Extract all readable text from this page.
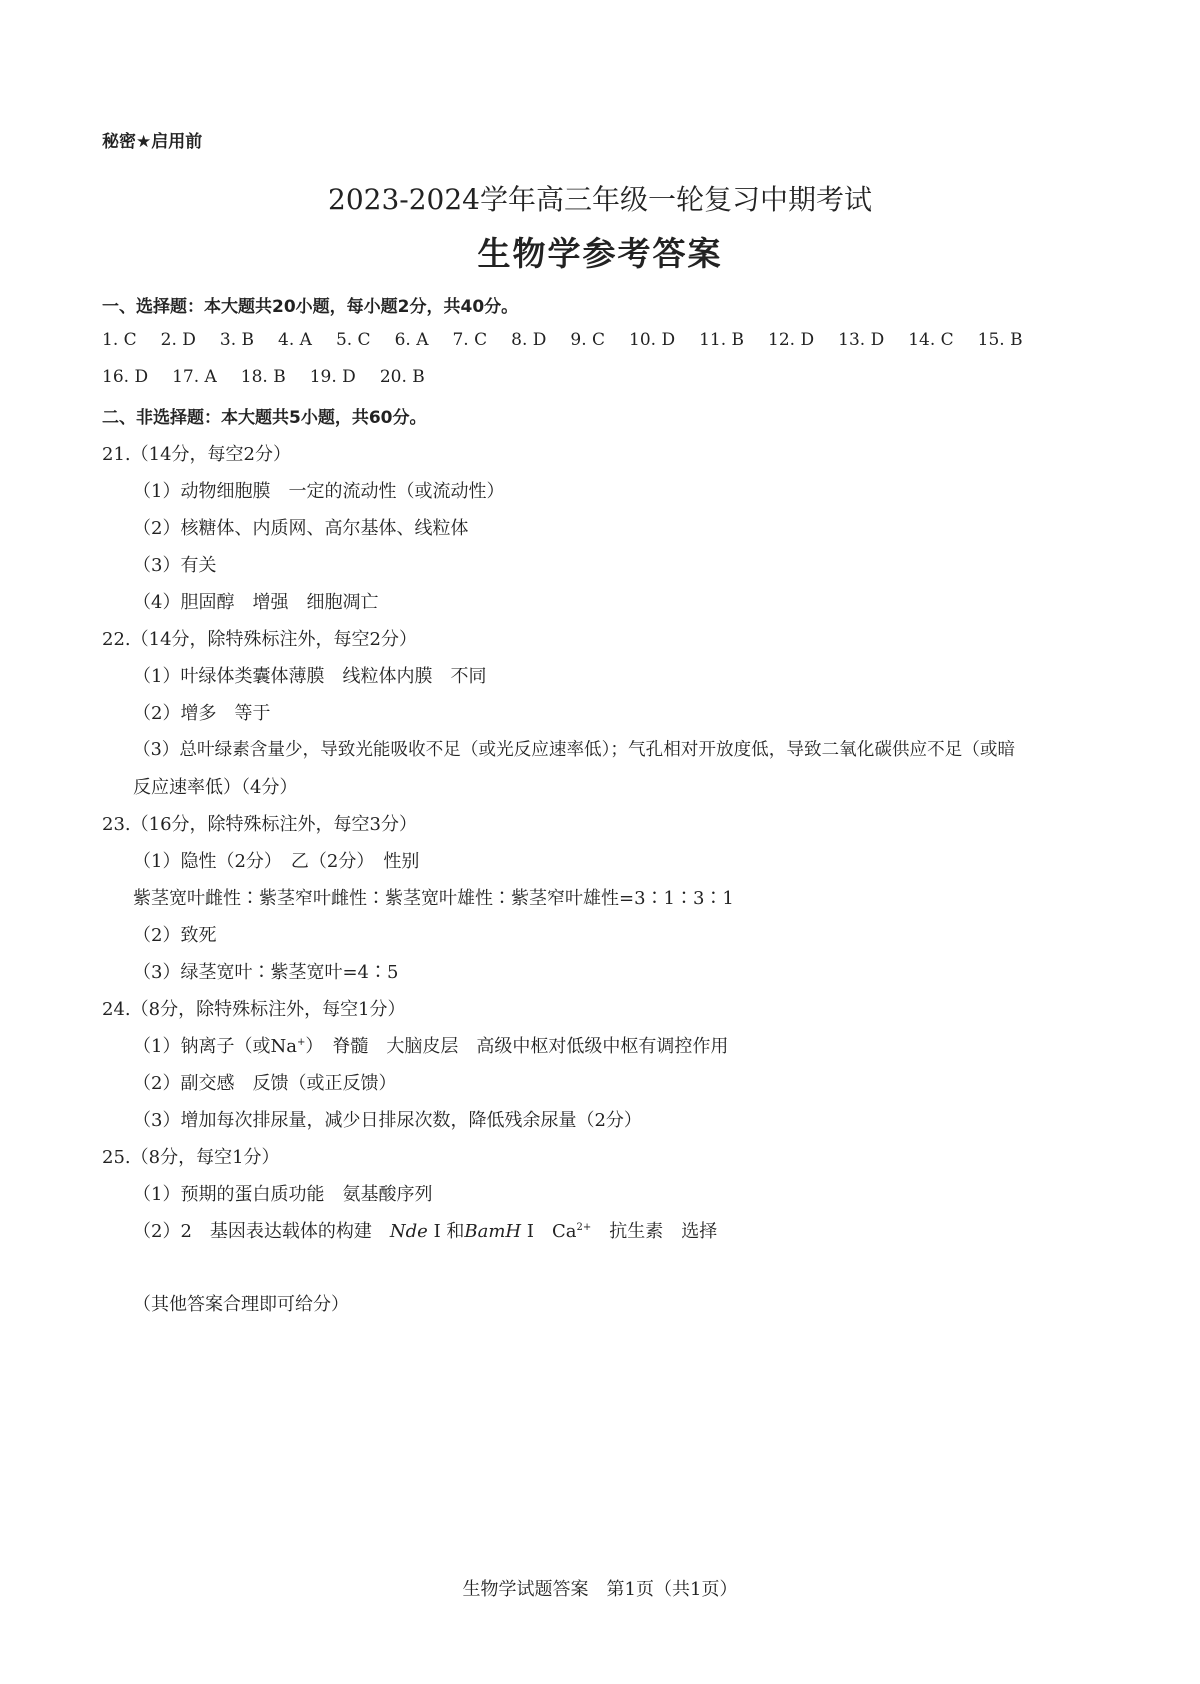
秘密★启用前
2023-2024学年高三年级一轮复习中期考试
生物学参考答案
一、选择题：本大题共20小题，每小题2分，共40分。
1. C 2. D 3. B 4. A 5. C 6. A 7. C 8. D 9. C 10. D 11. B 12. D 13. D 14. C 15. B
16. D 17. A 18. B 19. D 20. B
二、非选择题：本大题共5小题，共60分。
21.（14分，每空2分）
（1）动物细胞膜　一定的流动性（或流动性）
（2）核糖体、内质网、高尔基体、线粒体
（3）有关
（4）胆固醇　增强　细胞凋亡
22.（14分，除特殊标注外，每空2分）
（1）叶绿体类囊体薄膜　线粒体内膜　不同
（2）增多　等于
（3）总叶绿素含量少，导致光能吸收不足（或光反应速率低）；气孔相对开放度低，导致二氧化碳供应不足（或暗
反应速率低）（4分）
23.（16分，除特殊标注外，每空3分）
（1）隐性（2分）　乙（2分）　性别
紫茎宽叶雌性∶紫茎窄叶雌性∶紫茎宽叶雄性∶紫茎窄叶雄性=3∶1∶3∶1
（2）致死
（3）绿茎宽叶∶紫茎宽叶=4∶5
24.（8分，除特殊标注外，每空1分）
（1）钠离子（或Na+）　脊髓　大脑皮层　高级中枢对低级中枢有调控作用
（2）副交感　反馈（或正反馈）
（3）增加每次排尿量，减少日排尿次数，降低残余尿量（2分）
25.（8分，每空1分）
（1）预期的蛋白质功能　氨基酸序列
（2）2　基因表达载体的构建　Nde I 和BamH I　$Ca^{2+}$　抗生素　选择
（其他答案合理即可给分）
生物学试题答案　第1页（共1页）
